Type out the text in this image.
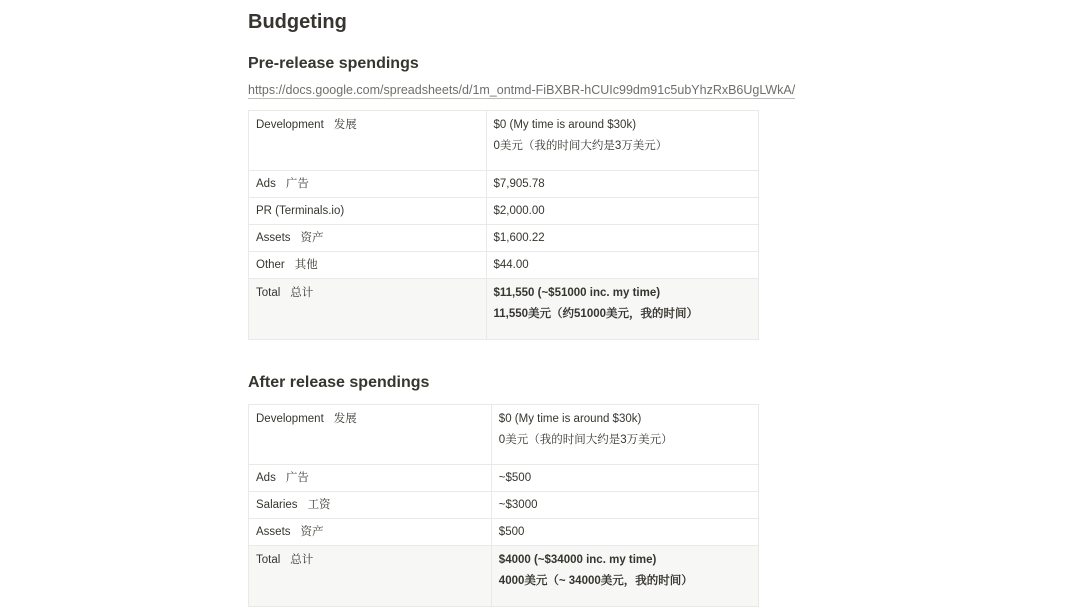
Budgeting
Pre-release spendings
https://docs.google.com/spreadsheets/d/1m_ontmd-FiBXBR-hCUIc99dm91c5ubYhzRxB6UgLWkA/
Development 发展	$0 (My time is around $30k)
0美元（我的时间大约是3万美元）

Ads 广告	$7,905.78
PR (Terminals.io)	$2,000.00
Assets 资产	$1,600.22
Other 其他	$44.00
Total 总计	$11,550 (~$51000 inc. my time)
11,550美元（约51000美元，我的时间）
After release spendings
Development 发展	$0 (My time is around $30k)
0美元（我的时间大约是3万美元）

Ads 广告	~$500
Salaries 工资	~$3000
Assets 资产	$500
Total 总计	$4000 (~$34000 inc. my time)
4000美元（~ 34000美元，我的时间）
